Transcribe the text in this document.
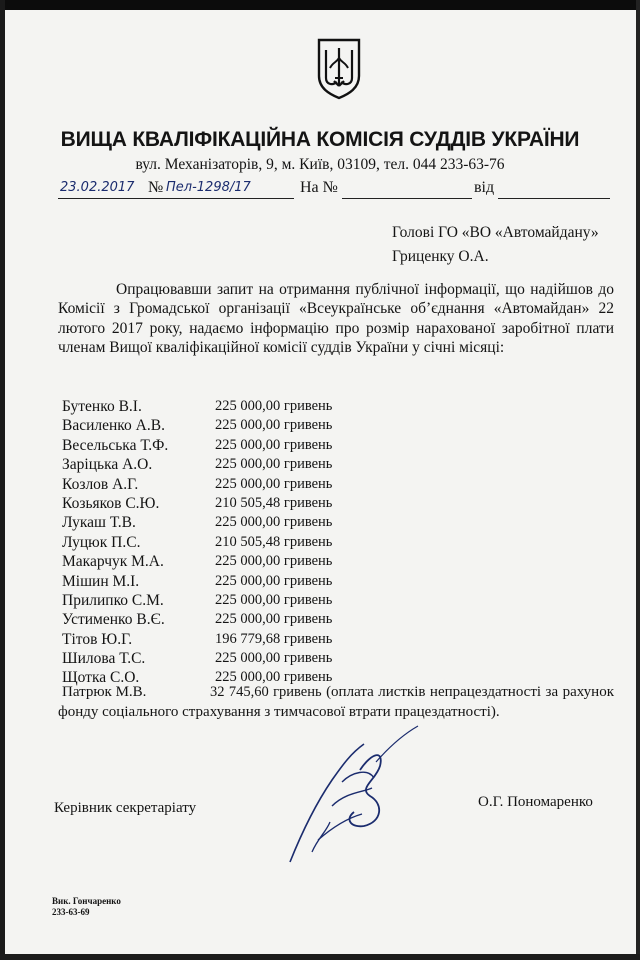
ВИЩА КВАЛІФІКАЦІЙНА КОМІСІЯ СУДДІВ УКРАЇНИ
вул. Механізаторів, 9, м. Київ, 03109, тел. 044 233-63-76
23.02.2017 № Пел-1298/17	На №	від
Голові ГО «ВО «Автомайдану»
Гриценку О.А.

Опрацювавши запит на отримання публічної інформації, що надійшов до Комісії з Громадської організації «Всеукраїнське об’єднання «Автомайдан» 22 лютого 2017 року, надаємо інформацію про розмір нарахованої заробітної плати членам Вищої кваліфікаційної комісії суддів України у січні місяці:

Бутенко В.І.	225 000,00 гривень
Василенко А.В.	225 000,00 гривень
Весельська Т.Ф.	225 000,00 гривень
Заріцька А.О.	225 000,00 гривень
Козлов А.Г.	225 000,00 гривень
Козьяков С.Ю.	210 505,48 гривень
Лукаш Т.В.	225 000,00 гривень
Луцюк П.С.	210 505,48 гривень
Макарчук М.А.	225 000,00 гривень
Мішин М.І.	225 000,00 гривень
Прилипко С.М.	225 000,00 гривень
Устименко В.Є.	225 000,00 гривень
Тітов Ю.Г.	196 779,68 гривень
Шилова Т.С.	225 000,00 гривень
Щотка С.О.	225 000,00 гривень
Патрюк М.В.	32 745,60 гривень (оплата листків непрацездатності за рахунок фонду соціального страхування з тимчасової втрати працездатності).
Керівник секретаріату	О.Г. Пономаренко
Вик. Гончаренко
233-63-69
